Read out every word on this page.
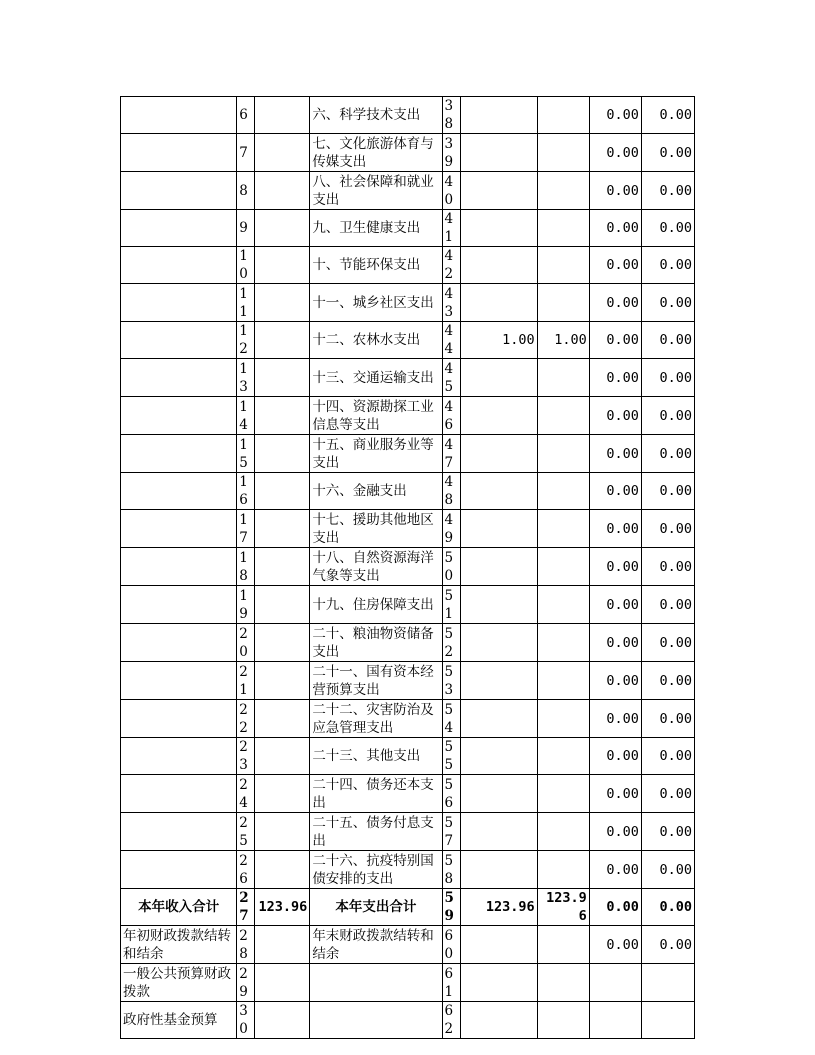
	6		六、科学技术支出	38			0.00	0.00
	7		七、文化旅游体育与传媒支出	39			0.00	0.00
	8		八、社会保障和就业支出	40			0.00	0.00
	9		九、卫生健康支出	41			0.00	0.00
	10		十、节能环保支出	42			0.00	0.00
	11		十一、城乡社区支出	43			0.00	0.00
	12		十二、农林水支出	44	1.00	1.00	0.00	0.00
	13		十三、交通运输支出	45			0.00	0.00
	14		十四、资源勘探工业信息等支出	46			0.00	0.00
	15		十五、商业服务业等支出	47			0.00	0.00
	16		十六、金融支出	48			0.00	0.00
	17		十七、援助其他地区支出	49			0.00	0.00
	18		十八、自然资源海洋气象等支出	50			0.00	0.00
	19		十九、住房保障支出	51			0.00	0.00
	20		二十、粮油物资储备支出	52			0.00	0.00
	21		二十一、国有资本经营预算支出	53			0.00	0.00
	22		二十二、灾害防治及应急管理支出	54			0.00	0.00
	23		二十三、其他支出	55			0.00	0.00
	24		二十四、债务还本支出	56			0.00	0.00
	25		二十五、债务付息支出	57			0.00	0.00
	26		二十六、抗疫特别国债安排的支出	58			0.00	0.00
本年收入合计	27	123.96	本年支出合计	59	123.96	123.96	0.00	0.00
年初财政拨款结转和结余	28		年末财政拨款结转和结余	60			0.00	0.00
一般公共预算财政拨款	29			61				
政府性基金预算	30			62				
